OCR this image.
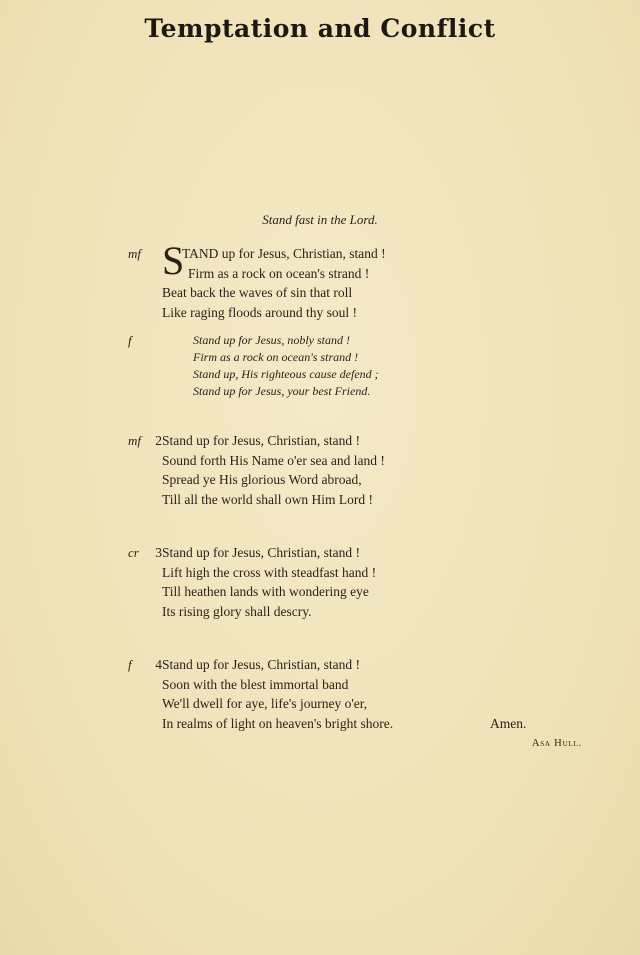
Temptation and Conflict
Stand fast in the Lord.
mf S
TAND up for Jesus, Christian, stand !
Firm as a rock on ocean's strand !
Beat back the waves of sin that roll
Like raging floods around thy soul !
f	Stand up for Jesus, nobly stand !
Firm as a rock on ocean's strand !
Stand up, His righteous cause defend ;
Stand up for Jesus, your best Friend.
mf	2 Stand up for Jesus, Christian, stand !
Sound forth His Name o'er sea and land !
Spread ye His glorious Word abroad,
Till all the world shall own Him Lord !
cr	3 Stand up for Jesus, Christian, stand !
Lift high the cross with steadfast hand !
Till heathen lands with wondering eye
Its rising glory shall descry.
f	4 Stand up for Jesus, Christian, stand !
Soon with the blest immortal band
We'll dwell for aye, life's journey o'er,
In realms of light on heaven's bright shore.	Amen.
Asa Hull.
